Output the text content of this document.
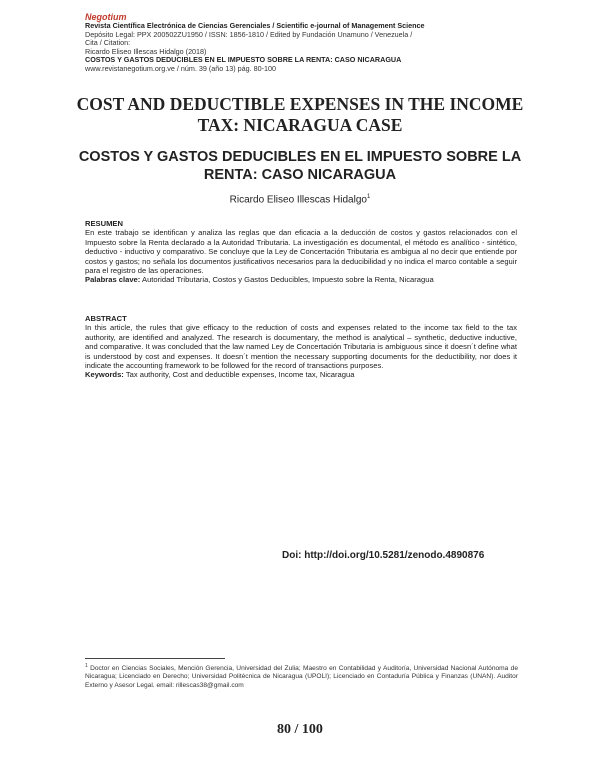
Negotium
Revista Científica Electrónica de Ciencias Gerenciales / Scientific e-journal of Management Science
Depósito Legal: PPX 200502ZU1950 / ISSN: 1856-1810 / Edited by Fundación Unamuno / Venezuela /
Cita / Citation:
Ricardo Eliseo Illescas Hidalgo (2018)
COSTOS Y GASTOS DEDUCIBLES EN EL IMPUESTO SOBRE LA RENTA: CASO NICARAGUA
www.revistanegotium.org.ve / núm. 39 (año 13) pág. 80-100
COST AND DEDUCTIBLE EXPENSES IN THE INCOME TAX: NICARAGUA CASE
COSTOS Y GASTOS DEDUCIBLES EN EL IMPUESTO SOBRE LA RENTA: CASO NICARAGUA
Ricardo Eliseo Illescas Hidalgo$^1$
RESUMEN

En este trabajo se identifican y analiza las reglas que dan eficacia a la deducción de costos y gastos relacionados con el Impuesto sobre la Renta declarado a la Autoridad Tributaria. La investigación es documental, el método es analítico - sintético, deductivo - inductivo y comparativo. Se concluye que la Ley de Concertación Tributaria es ambigua al no decir que entiende por costos y gastos; no señala los documentos justificativos necesarios para la deducibilidad y no indica el marco contable a seguir para el registro de las operaciones.

Palabras clave: Autoridad Tributaria, Costos y Gastos Deducibles, Impuesto sobre la Renta, Nicaragua

ABSTRACT

In this article, the rules that give efficacy to the reduction of costs and expenses related to the income tax field to the tax authority, are identified and analyzed. The research is documentary, the method is analytical – synthetic, deductive inductive, and comparative. It was concluded that the law named Ley de Concertación Tributaria is ambiguous since it doesn´t define what is understood by cost and expenses. It doesn´t mention the necessary supporting documents for the deductibility, nor does it indicate the accounting framework to be followed for the record of transactions purposes.

Keywords: Tax authority, Cost and deductible expenses, Income tax, Nicaragua

Doi: http://doi.org/10.5281/zenodo.4890876
$^1$ Doctor en Ciencias Sociales, Mención Gerencia, Universidad del Zulia; Maestro en Contabilidad y Auditoría, Universidad Nacional Autónoma de Nicaragua; Licenciado en Derecho; Universidad Politécnica de Nicaragua (UPOLI); Licenciado en Contaduría Pública y Finanzas (UNAN). Auditor Externo y Asesor Legal. email: rillescas38@gmail.com
80 / 100
